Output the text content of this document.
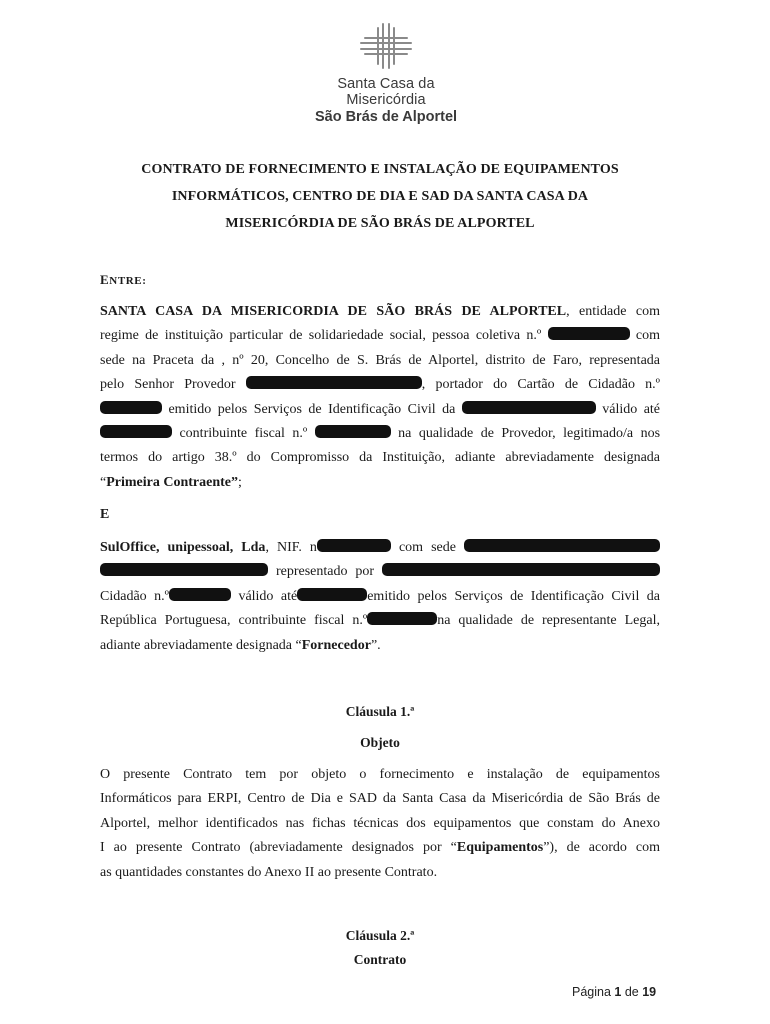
Santa Casa da Misericórdia
São Brás de Alportel
CONTRATO DE FORNECIMENTO E INSTALAÇÃO DE EQUIPAMENTOS
INFORMÁTICOS, CENTRO DE DIA E SAD DA SANTA CASA DA
MISERICÓRDIA DE SÃO BRÁS DE ALPORTEL
ENTRE:
SANTA CASA DA MISERICORDIA DE SÃO BRÁS DE ALPORTEL, entidade com
regime de instituição particular de solidariedade social, pessoa coletiva n.º	com
sede na Praceta da , nº 20, Concelho de S. Brás de Alportel, distrito de Faro, representada
pelo Senhor Provedor	, portador do Cartão de Cidadão n.º
emitido pelos Serviços de Identificação Civil da	válido até
contribuinte fiscal n.º	na qualidade de Provedor, legitimado/a nos
termos do artigo 38.º do Compromisso da Instituição, adiante abreviadamente designada
“Primeira Contraente”;
E
SulOffice, unipessoal, Lda, NIF. n	com sede
representado por
Cidadão n.º	válido até	emitido pelos Serviços de Identificação Civil da
República Portuguesa, contribuinte fiscal n.º	na qualidade de representante Legal,
adiante abreviadamente designada “Fornecedor”.
Cláusula 1.ª
Objeto
O presente Contrato tem por objeto o fornecimento e instalação de equipamentos
Informáticos para ERPI, Centro de Dia e SAD da Santa Casa da Misericórdia de São Brás de
Alportel, melhor identificados nas fichas técnicas dos equipamentos que constam do Anexo
I ao presente Contrato (abreviadamente designados por “Equipamentos”), de acordo com
as quantidades constantes do Anexo II ao presente Contrato.
Cláusula 2.ª
Contrato
Página 1 de 19
